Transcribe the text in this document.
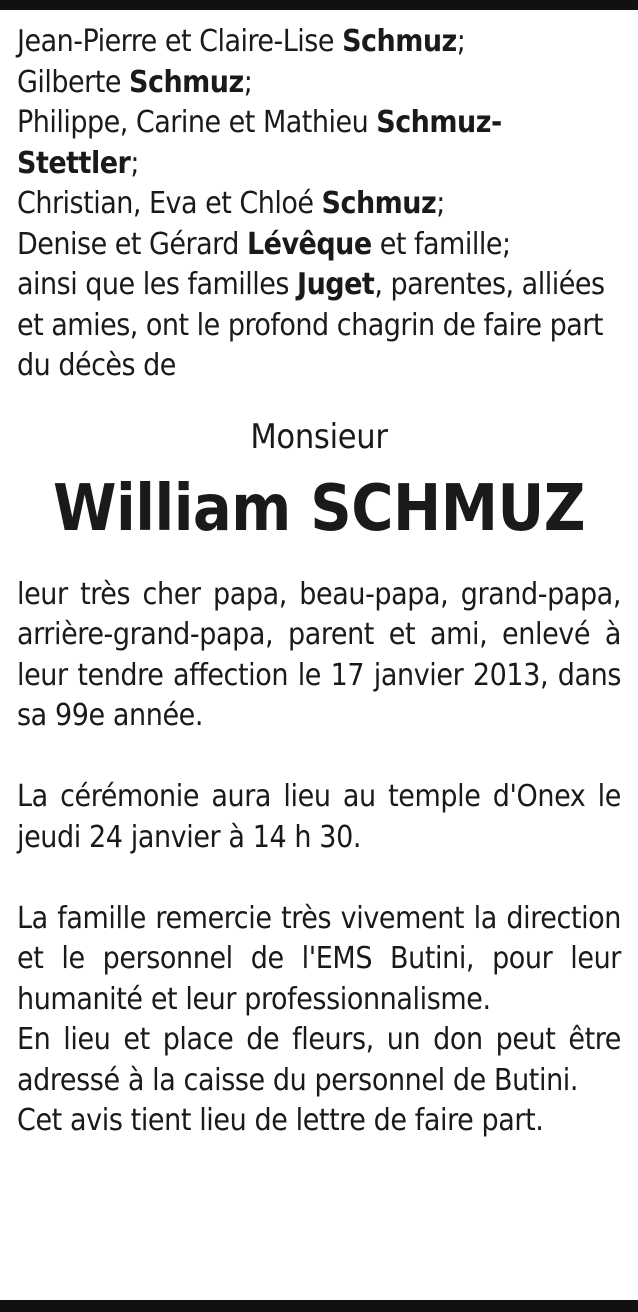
Jean-Pierre et Claire-Lise Schmuz;
Gilberte Schmuz;
Philippe, Carine et Mathieu Schmuz-Stettler;
Christian, Eva et Chloé Schmuz;
Denise et Gérard Lévêque et famille;
ainsi que les familles Juget, parentes, alliées et amies, ont le profond chagrin de faire part du décès de
Monsieur
William SCHMUZ
leur très cher papa, beau-papa, grand-papa, arrière-grand-papa, parent et ami, enlevé à leur tendre affection le 17 janvier 2013, dans sa 99e année.
La cérémonie aura lieu au temple d'Onex le jeudi 24 janvier à 14 h 30.
La famille remercie très vivement la direction et le personnel de l'EMS Butini, pour leur humanité et leur professionnalisme.
En lieu et place de fleurs, un don peut être adressé à la caisse du personnel de Butini.
Cet avis tient lieu de lettre de faire part.
